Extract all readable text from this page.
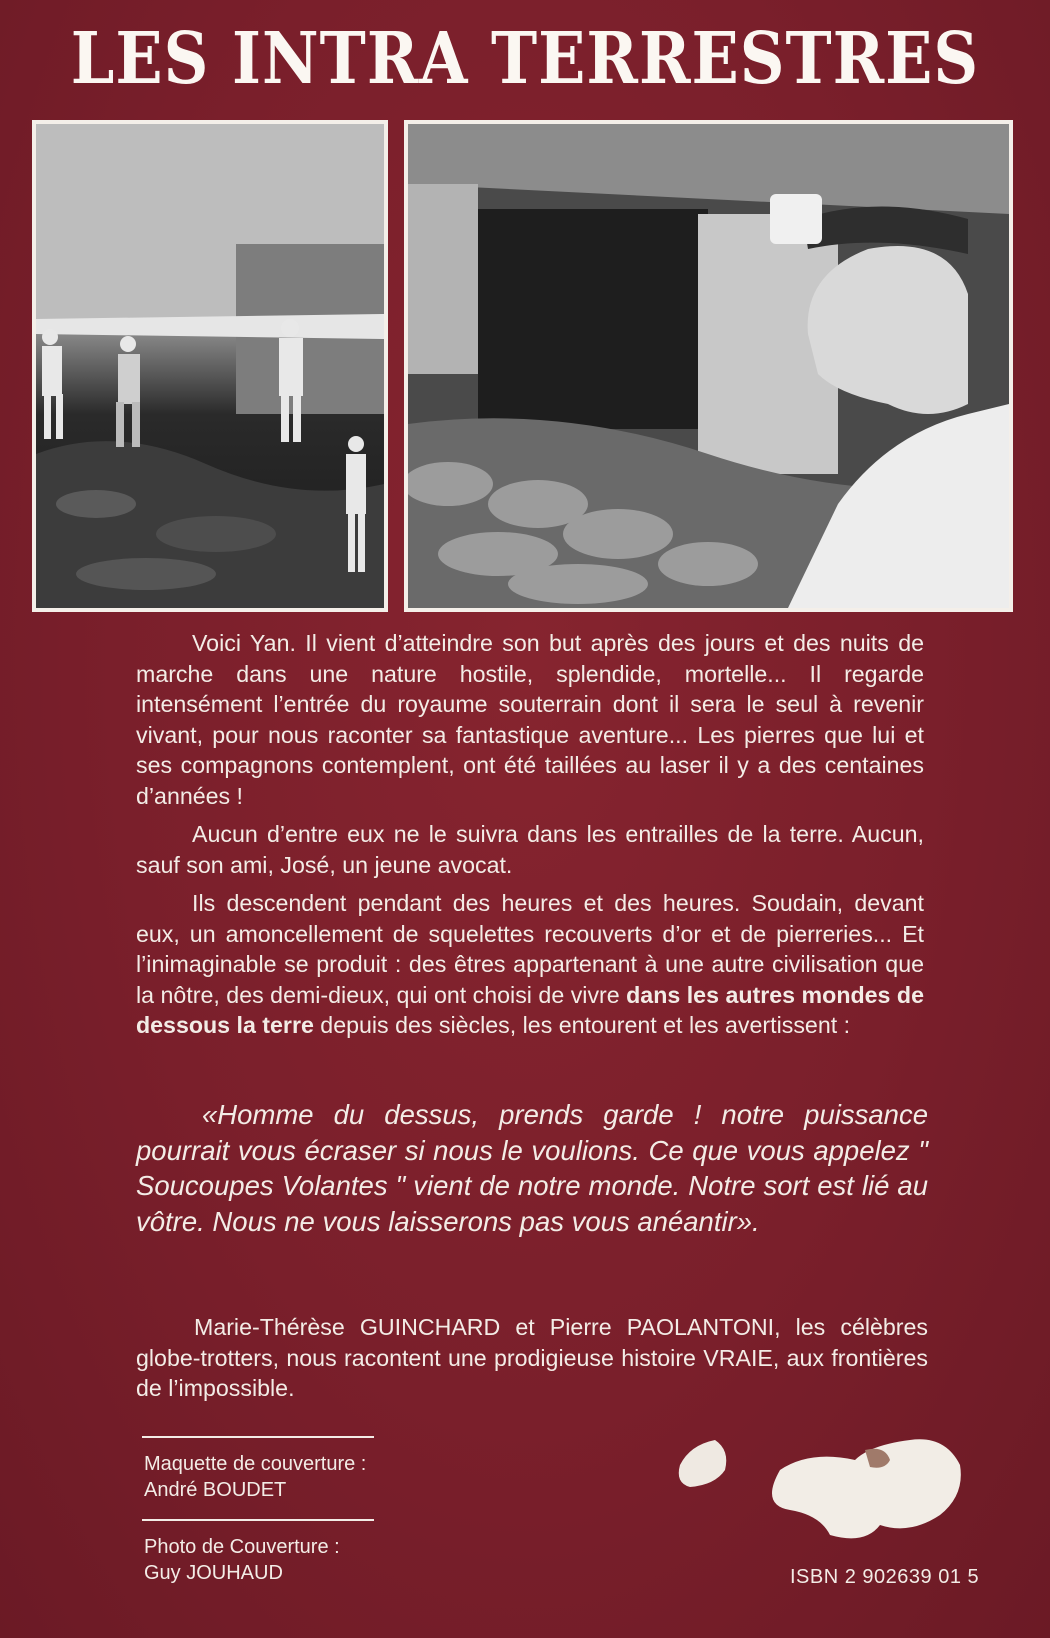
LES INTRA TERRESTRES

Voici Yan. Il vient d’atteindre son but après des jours et des nuits de marche dans une nature hostile, splendide, mortelle... Il regarde intensément l’entrée du royaume souterrain dont il sera le seul à revenir vivant, pour nous raconter sa fantastique aventure... Les pierres que lui et ses compagnons contemplent, ont été taillées au laser il y a des centaines d’années !

Aucun d’entre eux ne le suivra dans les entrailles de la terre. Aucun, sauf son ami, José, un jeune avocat.

Ils descendent pendant des heures et des heures. Soudain, devant eux, un amoncellement de squelettes recouverts d’or et de pierreries... Et l’inimaginable se produit : des êtres appartenant à une autre civilisation que la nôtre, des demi-dieux, qui ont choisi de vivre dans les autres mondes de dessous la terre depuis des siècles, les entourent et les avertissent :

«Homme du dessus, prends garde ! notre puissance pourrait vous écraser si nous le voulions. Ce que vous appelez " Soucoupes Volantes " vient de notre monde. Notre sort est lié au vôtre. Nous ne vous laisserons pas vous anéantir».
Marie-Thérèse GUINCHARD et Pierre PAOLANTONI, les célèbres globe-trotters, nous racontent une prodigieuse histoire VRAIE, aux frontières de l’impossible.
Maquette de couverture :
André BOUDET
Photo de Couverture :
Guy JOUHAUD	ISBN 2 902639 01 5
